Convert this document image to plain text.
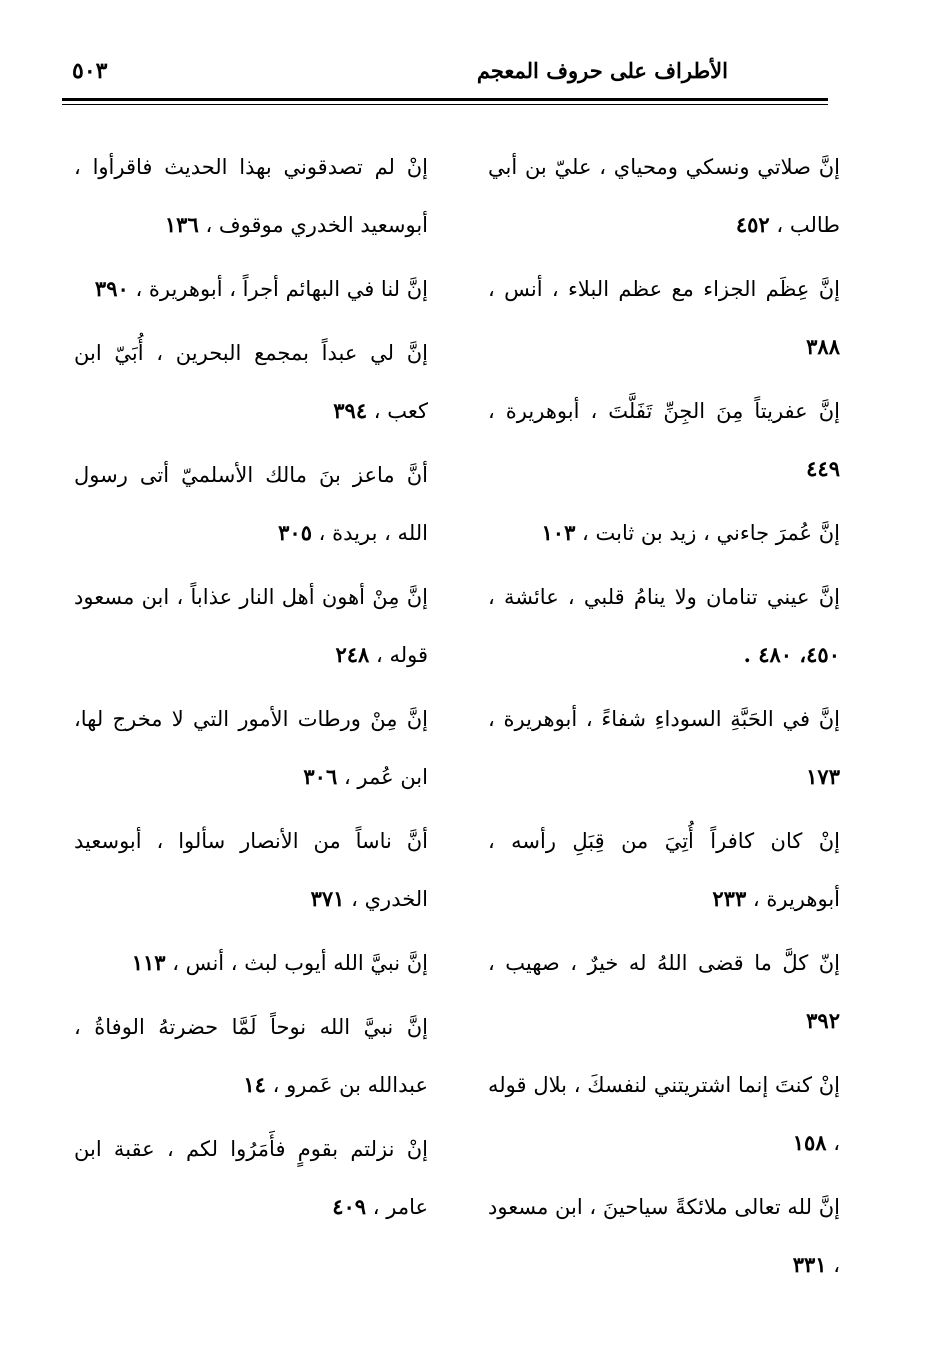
الأطراف على حروف المعجم
٥٠٣

إنَّ صلاتي ونسكي ومحياي ، عليّ بن أبي طالب ، ٤٥٢

إنَّ عِظَم الجزاء مع عظم البلاء ، أنس ، ٣٨٨

إنَّ عفريتاً مِنَ الجِنِّ تَفَلَّتَ ، أبوهريرة ، ٤٤٩

إنَّ عُمرَ جاءني ، زيد بن ثابت ، ١٠٣

إنَّ عيني تنامان ولا ينامُ قلبي ، عائشة ، ٤٥٠، ٤٨٠ .

إنَّ في الحَبَّةِ السوداءِ شفاءً ، أبوهريرة ، ١٧٣

إنْ كان كافراً أُتِيَ من قِبَلِ رأسه ، أبوهريرة ، ٢٣٣

إنّ كلَّ ما قضى اللهُ له خيرٌ ، صهيب ، ٣٩٢

إنْ كنتَ إنما اشتريتني لنفسكَ ، بلال قوله ، ١٥٨

إنَّ لله تعالى ملائكةً سياحينَ ، ابن مسعود ، ٣٣١

إنْ لم تصدقوني بهذا الحديث فاقرأوا ، أبوسعيد الخدري موقوف ، ١٣٦

إنَّ لنا في البهائم أجراً ، أبوهريرة ، ٣٩٠

إنَّ لي عبداً بمجمع البحرين ، أُبَيّ ابن كعب ، ٣٩٤

أنَّ ماعز بنَ مالك الأسلميّ أتى رسول الله ، بريدة ، ٣٠٥

إنَّ مِنْ أهون أهل النار عذاباً ، ابن مسعود قوله ، ٢٤٨

إنَّ مِنْ ورطات الأمور التي لا مخرج لها، ابن عُمر ، ٣٠٦

أنَّ ناساً من الأنصار سألوا ، أبوسعيد الخدري ، ٣٧١

إنَّ نبيَّ الله أيوب لبث ، أنس ، ١١٣

إنَّ نبيَّ الله نوحاً لَمَّا حضرتهُ الوفاةُ ، عبدالله بن عَمرو ، ١٤

إنْ نزلتم بقومٍ فأَمَرُوا لكم ، عقبة ابن عامر ، ٤٠٩
